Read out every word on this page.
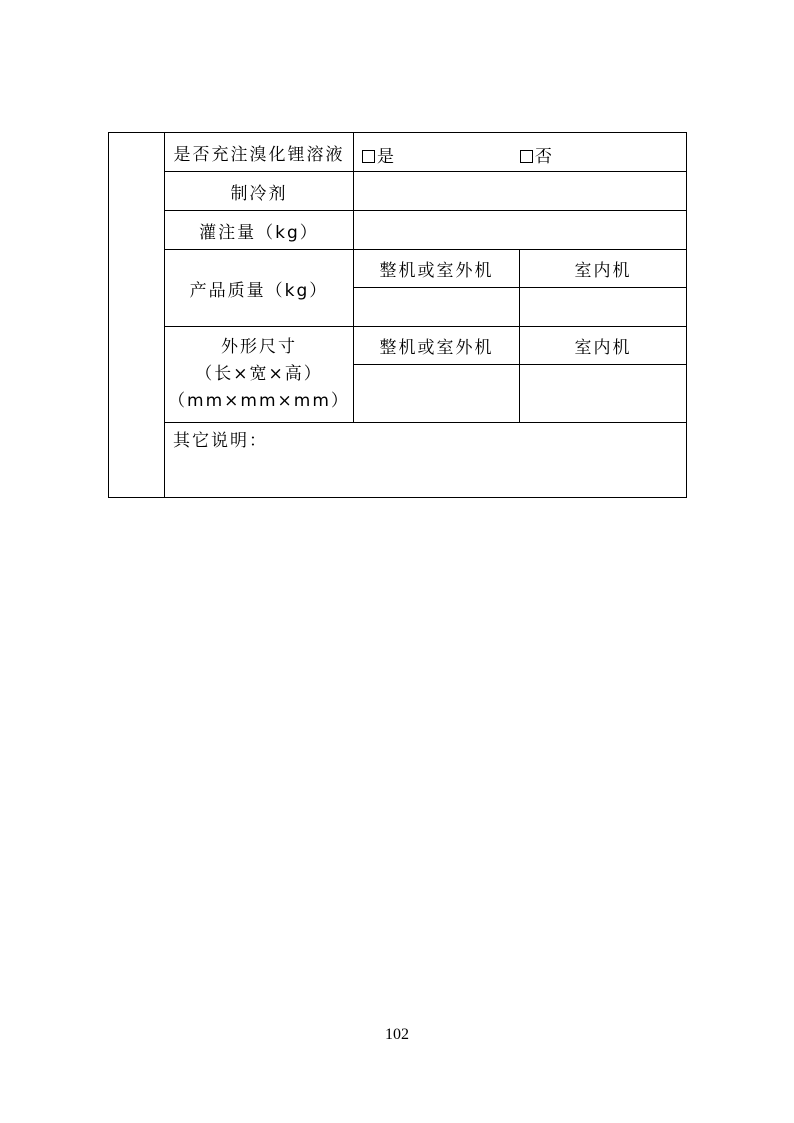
	是否充注溴化锂溶液	是 否	

	制冷剂		
	灌注量（kg）		
	产品质量（kg）	整机或室外机	室内机

	外形尺寸
（长×宽×高）
（mm×mm×mm）	整机或室外机	室内机

	其它说明：		
102
